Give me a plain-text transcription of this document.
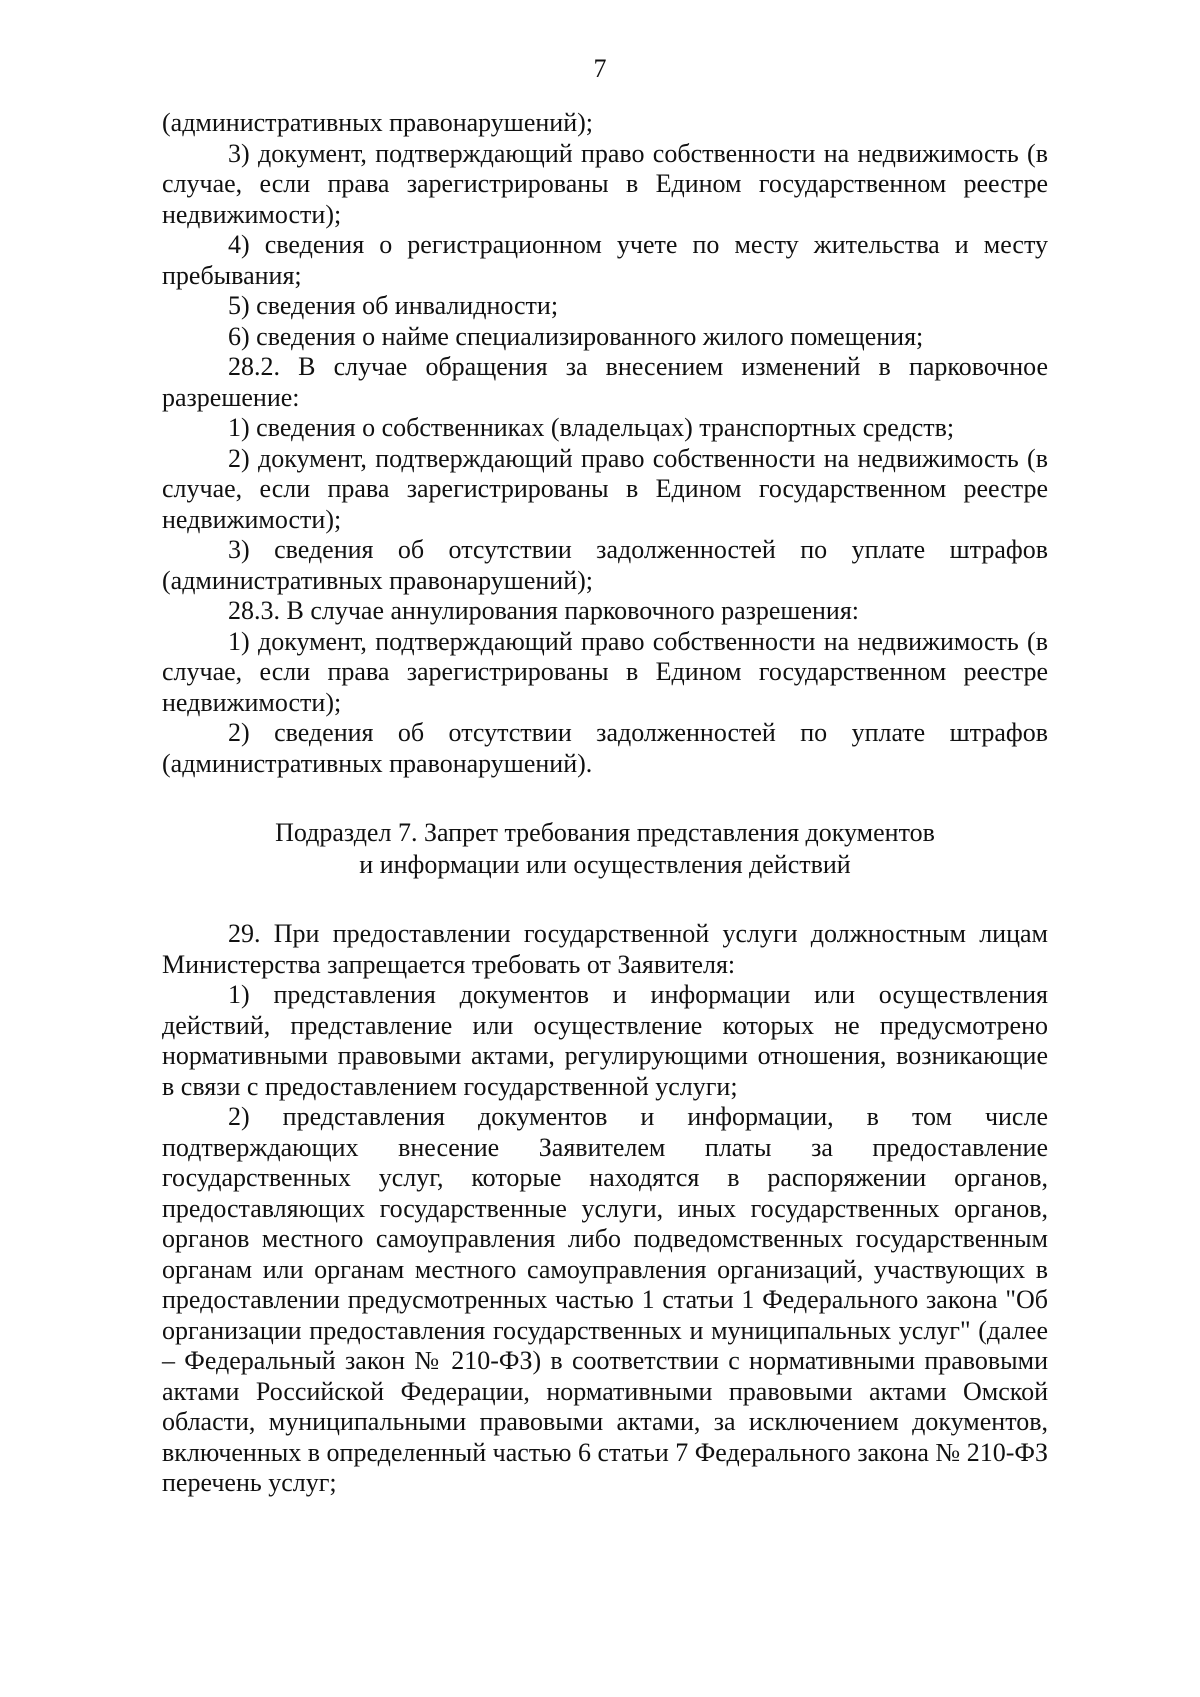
7

(административных правонарушений);

3) документ, подтверждающий право собственности на недвижимость (в случае, если права зарегистрированы в Едином государственном реестре недвижимости);

4) сведения о регистрационном учете по месту жительства и месту пребывания;

5) сведения об инвалидности;

6) сведения о найме специализированного жилого помещения;

28.2. В случае обращения за внесением изменений в парковочное разрешение:

1) сведения о собственниках (владельцах) транспортных средств;

2) документ, подтверждающий право собственности на недвижимость (в случае, если права зарегистрированы в Едином государственном реестре недвижимости);

3) сведения об отсутствии задолженностей по уплате штрафов (административных правонарушений);

28.3. В случае аннулирования парковочного разрешения:

1) документ, подтверждающий право собственности на недвижимость (в случае, если права зарегистрированы в Едином государственном реестре недвижимости);

2) сведения об отсутствии задолженностей по уплате штрафов (административных правонарушений).

Подраздел 7. Запрет требования представления документов
и информации или осуществления действий

29. При предоставлении государственной услуги должностным лицам Министерства запрещается требовать от Заявителя:

1) представления документов и информации или осуществления действий, представление или осуществление которых не предусмотрено нормативными правовыми актами, регулирующими отношения, возникающие в связи с предоставлением государственной услуги;

2) представления документов и информации, в том числе подтверждающих внесение Заявителем платы за предоставление государственных услуг, которые находятся в распоряжении органов, предоставляющих государственные услуги, иных государственных органов, органов местного самоуправления либо подведомственных государственным органам или органам местного самоуправления организаций, участвующих в предоставлении предусмотренных частью 1 статьи 1 Федерального закона "Об организации предоставления государственных и муниципальных услуг" (далее – Федеральный закон № 210-ФЗ) в соответствии с нормативными правовыми актами Российской Федерации, нормативными правовыми актами Омской области, муниципальными правовыми актами, за исключением документов, включенных в определенный частью 6 статьи 7 Федерального закона № 210-ФЗ перечень услуг;
